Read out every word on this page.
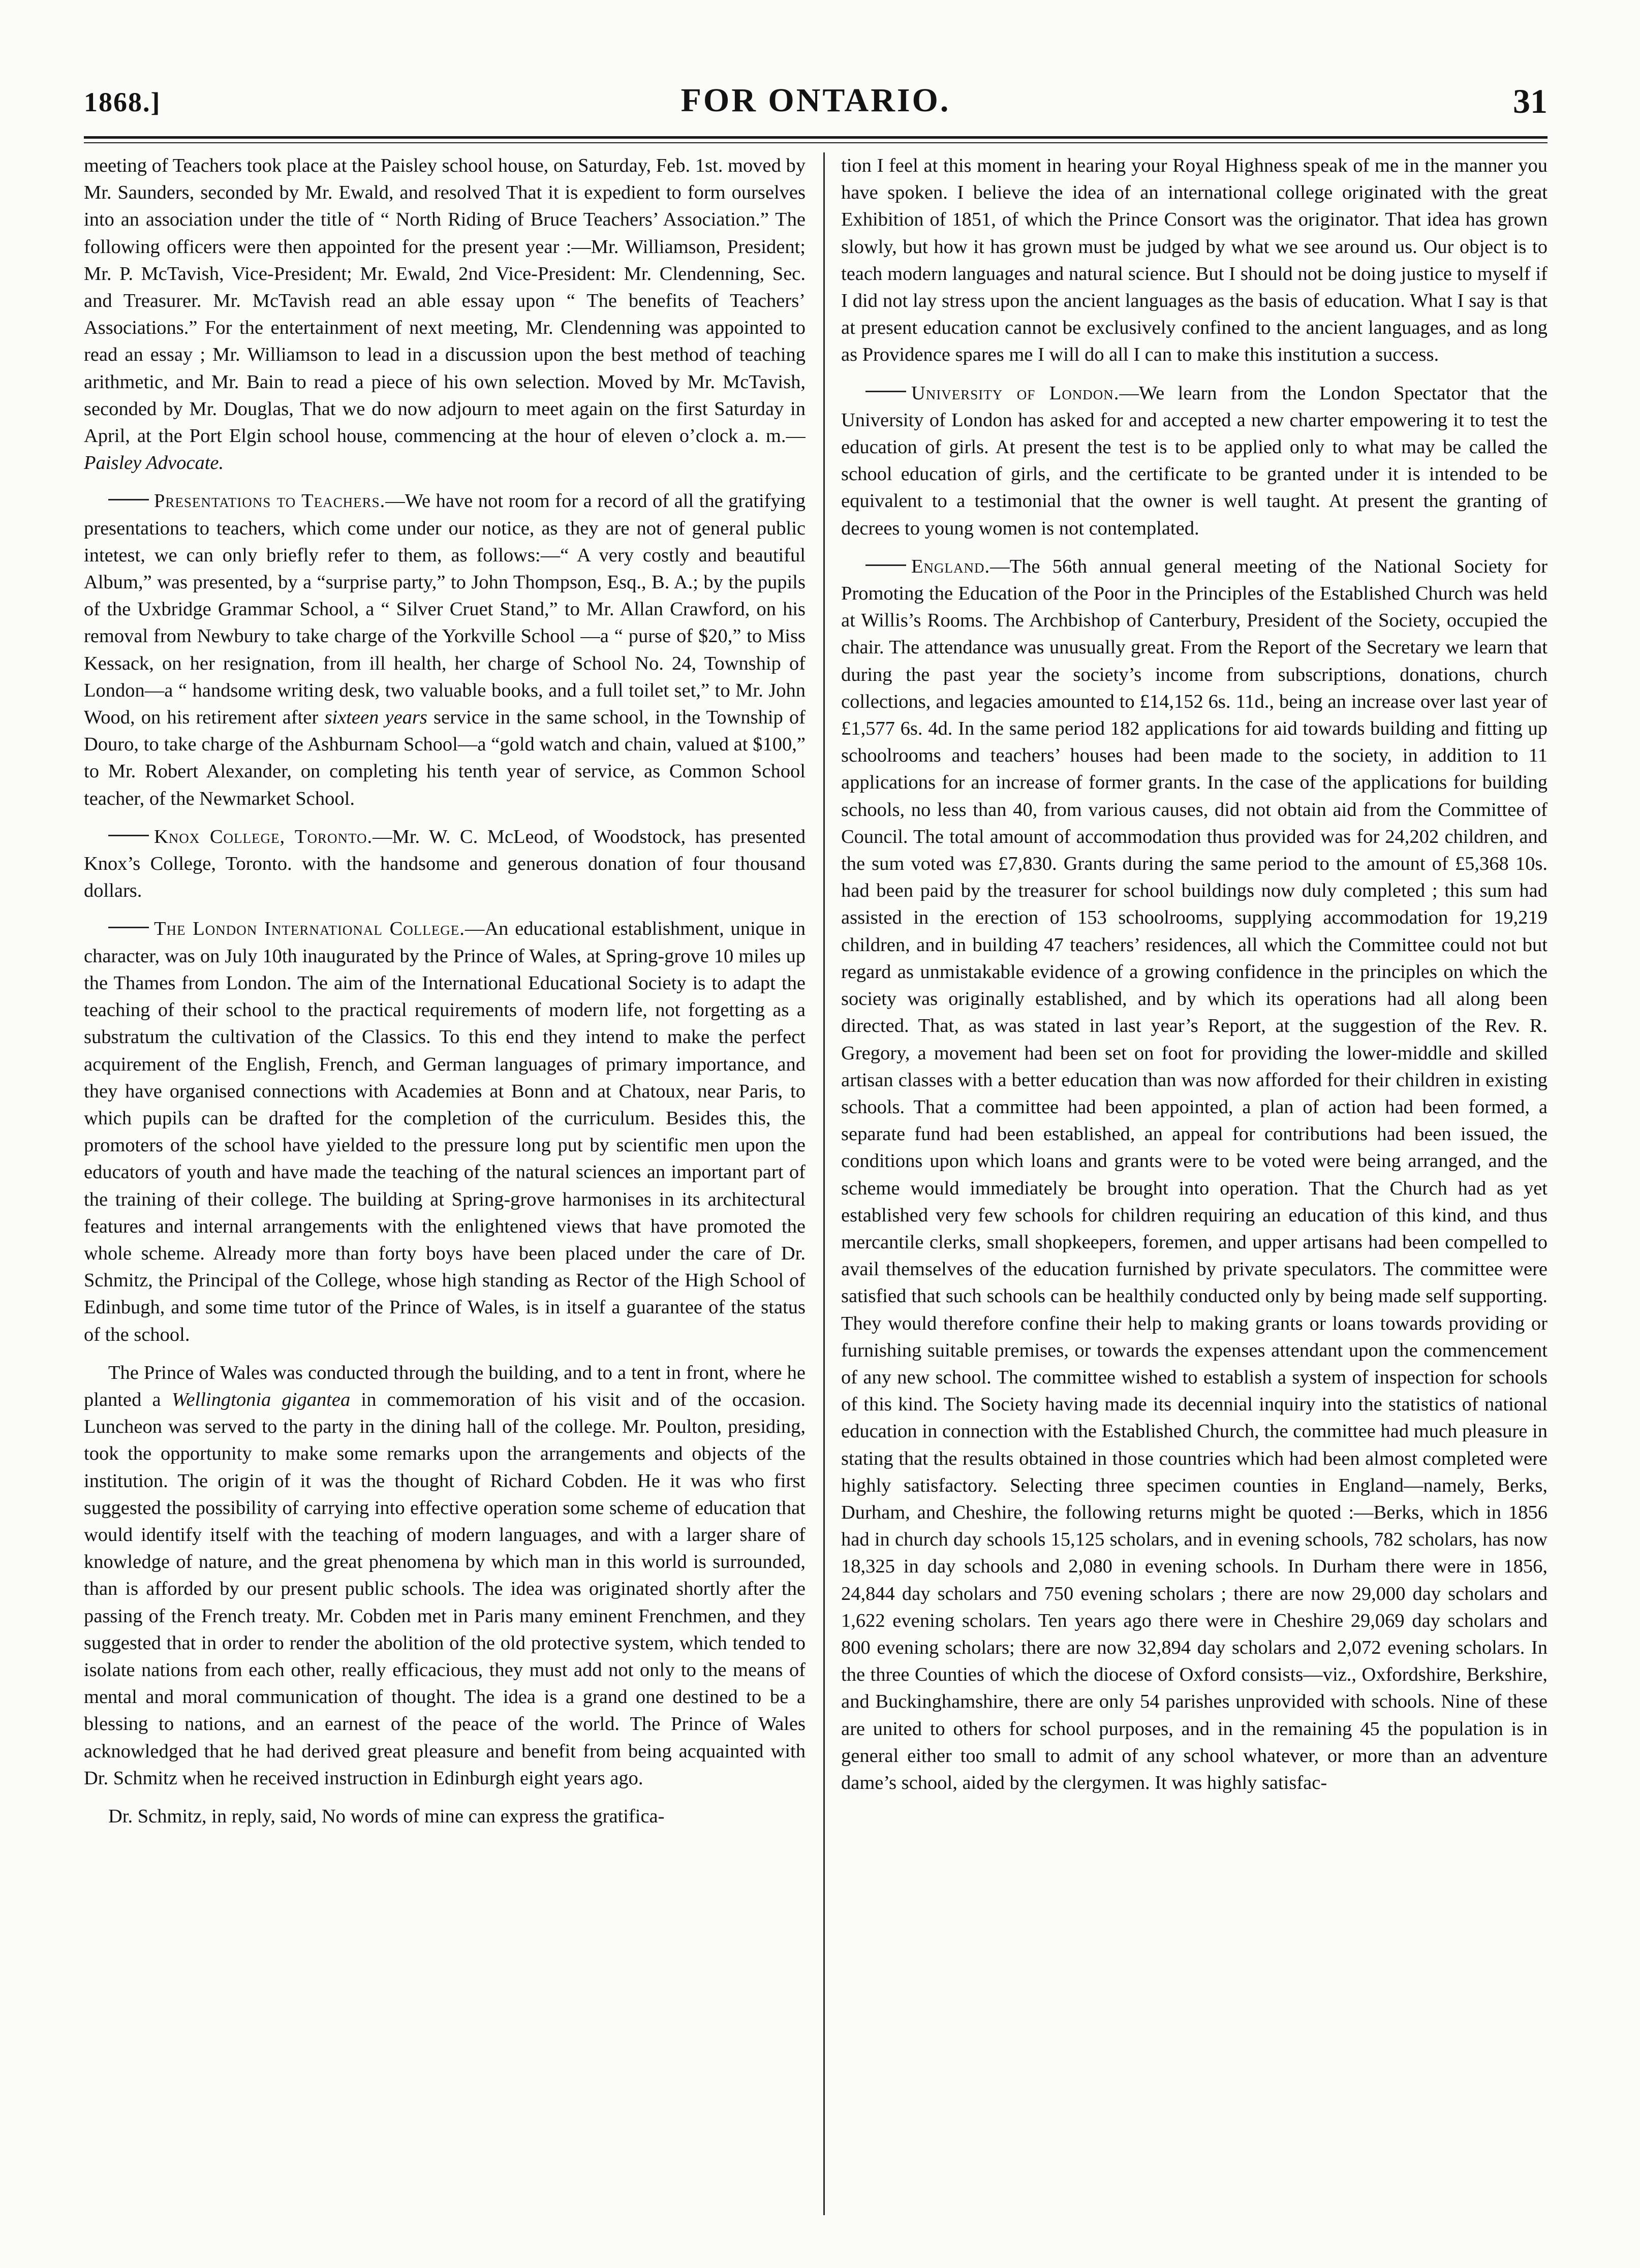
1868.]	FOR ONTARIO.	31

meeting of Teachers took place at the Paisley school house, on Saturday, Feb. 1st. moved by Mr. Saunders, seconded by Mr. Ewald, and resolved That it is expedient to form ourselves into an association under the title of “ North Riding of Bruce Teachers’ Association.” The following officers were then appointed for the present year :—Mr. Williamson, President; Mr. P. McTavish, Vice-President; Mr. Ewald, 2nd Vice-President: Mr. Clendenning, Sec. and Treasurer. Mr. McTavish read an able essay upon “ The benefits of Teachers’ Associations.” For the entertainment of next meeting, Mr. Clendenning was appointed to read an essay ; Mr. Williamson to lead in a discussion upon the best method of teaching arithmetic, and Mr. Bain to read a piece of his own selection. Moved by Mr. McTavish, seconded by Mr. Douglas, That we do now adjourn to meet again on the first Saturday in April, at the Port Elgin school house, commencing at the hour of eleven o’clock a. m.—Paisley Advocate.

Presentations to Teachers.—We have not room for a record of all the gratifying presentations to teachers, which come under our notice, as they are not of general public intetest, we can only briefly refer to them, as follows:—“ A very costly and beautiful Album,” was presented, by a “surprise party,” to John Thompson, Esq., B. A.; by the pupils of the Uxbridge Grammar School, a “ Silver Cruet Stand,” to Mr. Allan Crawford, on his removal from Newbury to take charge of the Yorkville School —a “ purse of $20,” to Miss Kessack, on her resignation, from ill health, her charge of School No. 24, Township of London—a “ handsome writing desk, two valuable books, and a full toilet set,” to Mr. John Wood, on his retirement after sixteen years service in the same school, in the Township of Douro, to take charge of the Ashburnam School—a “gold watch and chain, valued at $100,” to Mr. Robert Alexander, on completing his tenth year of service, as Common School teacher, of the Newmarket School.

Knox College, Toronto.—Mr. W. C. McLeod, of Woodstock, has presented Knox’s College, Toronto. with the handsome and generous donation of four thousand dollars.

The London International College.—An educational establishment, unique in character, was on July 10th inaugurated by the Prince of Wales, at Spring-grove 10 miles up the Thames from London. The aim of the International Educational Society is to adapt the teaching of their school to the practical requirements of modern life, not forgetting as a substratum the cultivation of the Classics. To this end they intend to make the perfect acquirement of the English, French, and German languages of primary importance, and they have organised connections with Academies at Bonn and at Chatoux, near Paris, to which pupils can be drafted for the completion of the curriculum. Besides this, the promoters of the school have yielded to the pressure long put by scientific men upon the educators of youth and have made the teaching of the natural sciences an important part of the training of their college. The building at Spring-grove harmonises in its architectural features and internal arrangements with the enlightened views that have promoted the whole scheme. Already more than forty boys have been placed under the care of Dr. Schmitz, the Principal of the College, whose high standing as Rector of the High School of Edinbugh, and some time tutor of the Prince of Wales, is in itself a guarantee of the status of the school.

The Prince of Wales was conducted through the building, and to a tent in front, where he planted a Wellingtonia gigantea in commemoration of his visit and of the occasion. Luncheon was served to the party in the dining hall of the college. Mr. Poulton, presiding, took the opportunity to make some remarks upon the arrangements and objects of the institution. The origin of it was the thought of Richard Cobden. He it was who first suggested the possibility of carrying into effective operation some scheme of education that would identify itself with the teaching of modern languages, and with a larger share of knowledge of nature, and the great phenomena by which man in this world is surrounded, than is afforded by our present public schools. The idea was originated shortly after the passing of the French treaty. Mr. Cobden met in Paris many eminent Frenchmen, and they suggested that in order to render the abolition of the old protective system, which tended to isolate nations from each other, really efficacious, they must add not only to the means of mental and moral communication of thought. The idea is a grand one destined to be a blessing to nations, and an earnest of the peace of the world. The Prince of Wales acknowledged that he had derived great pleasure and benefit from being acquainted with Dr. Schmitz when he received instruction in Edinburgh eight years ago.

Dr. Schmitz, in reply, said, No words of mine can express the gratifica-

tion I feel at this moment in hearing your Royal Highness speak of me in the manner you have spoken. I believe the idea of an international college originated with the great Exhibition of 1851, of which the Prince Consort was the originator. That idea has grown slowly, but how it has grown must be judged by what we see around us. Our object is to teach modern languages and natural science. But I should not be doing justice to myself if I did not lay stress upon the ancient languages as the basis of education. What I say is that at present education cannot be exclusively confined to the ancient languages, and as long as Providence spares me I will do all I can to make this institution a success.

University of London.—We learn from the London Spectator that the University of London has asked for and accepted a new charter empowering it to test the education of girls. At present the test is to be applied only to what may be called the school education of girls, and the certificate to be granted under it is intended to be equivalent to a testimonial that the owner is well taught. At present the granting of decrees to young women is not contemplated.

England.—The 56th annual general meeting of the National Society for Promoting the Education of the Poor in the Principles of the Established Church was held at Willis’s Rooms. The Archbishop of Canterbury, President of the Society, occupied the chair. The attendance was unusually great. From the Report of the Secretary we learn that during the past year the society’s income from subscriptions, donations, church collections, and legacies amounted to £14,152 6s. 11d., being an increase over last year of £1,577 6s. 4d. In the same period 182 applications for aid towards building and fitting up schoolrooms and teachers’ houses had been made to the society, in addition to 11 applications for an increase of former grants. In the case of the applications for building schools, no less than 40, from various causes, did not obtain aid from the Committee of Council. The total amount of accommodation thus provided was for 24,202 children, and the sum voted was £7,830. Grants during the same period to the amount of £5,368 10s. had been paid by the treasurer for school buildings now duly completed ; this sum had assisted in the erection of 153 schoolrooms, supplying accommodation for 19,219 children, and in building 47 teachers’ residences, all which the Committee could not but regard as unmistakable evidence of a growing confidence in the principles on which the society was originally established, and by which its operations had all along been directed. That, as was stated in last year’s Report, at the suggestion of the Rev. R. Gregory, a movement had been set on foot for providing the lower-middle and skilled artisan classes with a better education than was now afforded for their children in existing schools. That a committee had been appointed, a plan of action had been formed, a separate fund had been established, an appeal for contributions had been issued, the conditions upon which loans and grants were to be voted were being arranged, and the scheme would immediately be brought into operation. That the Church had as yet established very few schools for children requiring an education of this kind, and thus mercantile clerks, small shopkeepers, foremen, and upper artisans had been compelled to avail themselves of the education furnished by private speculators. The committee were satisfied that such schools can be healthily conducted only by being made self supporting. They would therefore confine their help to making grants or loans towards providing or furnishing suitable premises, or towards the expenses attendant upon the commencement of any new school. The committee wished to establish a system of inspection for schools of this kind. The Society having made its decennial inquiry into the statistics of national education in connection with the Established Church, the committee had much pleasure in stating that the results obtained in those countries which had been almost completed were highly satisfactory. Selecting three specimen counties in England—namely, Berks, Durham, and Cheshire, the following returns might be quoted :—Berks, which in 1856 had in church day schools 15,125 scholars, and in evening schools, 782 scholars, has now 18,325 in day schools and 2,080 in evening schools. In Durham there were in 1856, 24,844 day scholars and 750 evening scholars ; there are now 29,000 day scholars and 1,622 evening scholars. Ten years ago there were in Cheshire 29,069 day scholars and 800 evening scholars; there are now 32,894 day scholars and 2,072 evening scholars. In the three Counties of which the diocese of Oxford consists—viz., Oxfordshire, Berkshire, and Buckinghamshire, there are only 54 parishes unprovided with schools. Nine of these are united to others for school purposes, and in the remaining 45 the population is in general either too small to admit of any school whatever, or more than an adventure dame’s school, aided by the clergymen. It was highly satisfac-
